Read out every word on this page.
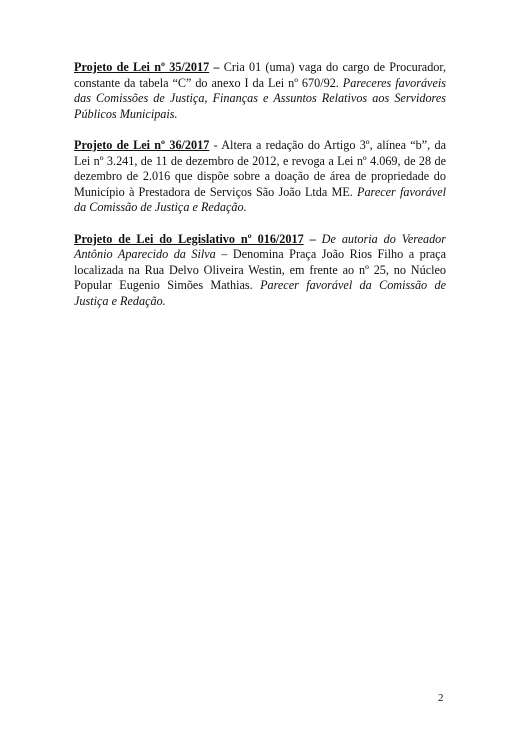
Projeto de Lei nº 35/2017 – Cria 01 (uma) vaga do cargo de Procurador, constante da tabela “C” do anexo I da Lei nº 670/92. Pareceres favoráveis das Comissões de Justiça, Finanças e Assuntos Relativos aos Servidores Públicos Municipais.

Projeto de Lei nº 36/2017 - Altera a redação do Artigo 3º, alínea “b”, da Lei nº 3.241, de 11 de dezembro de 2012, e revoga a Lei nº 4.069, de 28 de dezembro de 2.016 que dispõe sobre a doação de área de propriedade do Município à Prestadora de Serviços São João Ltda ME. Parecer favorável da Comissão de Justiça e Redação.

Projeto de Lei do Legislativo nº 016/2017 – De autoria do Vereador Antônio Aparecido da Silva – Denomina Praça João Rios Filho a praça localizada na Rua Delvo Oliveira Westin, em frente ao nº 25, no Núcleo Popular Eugenio Simões Mathias. Parecer favorável da Comissão de Justiça e Redação.

2
